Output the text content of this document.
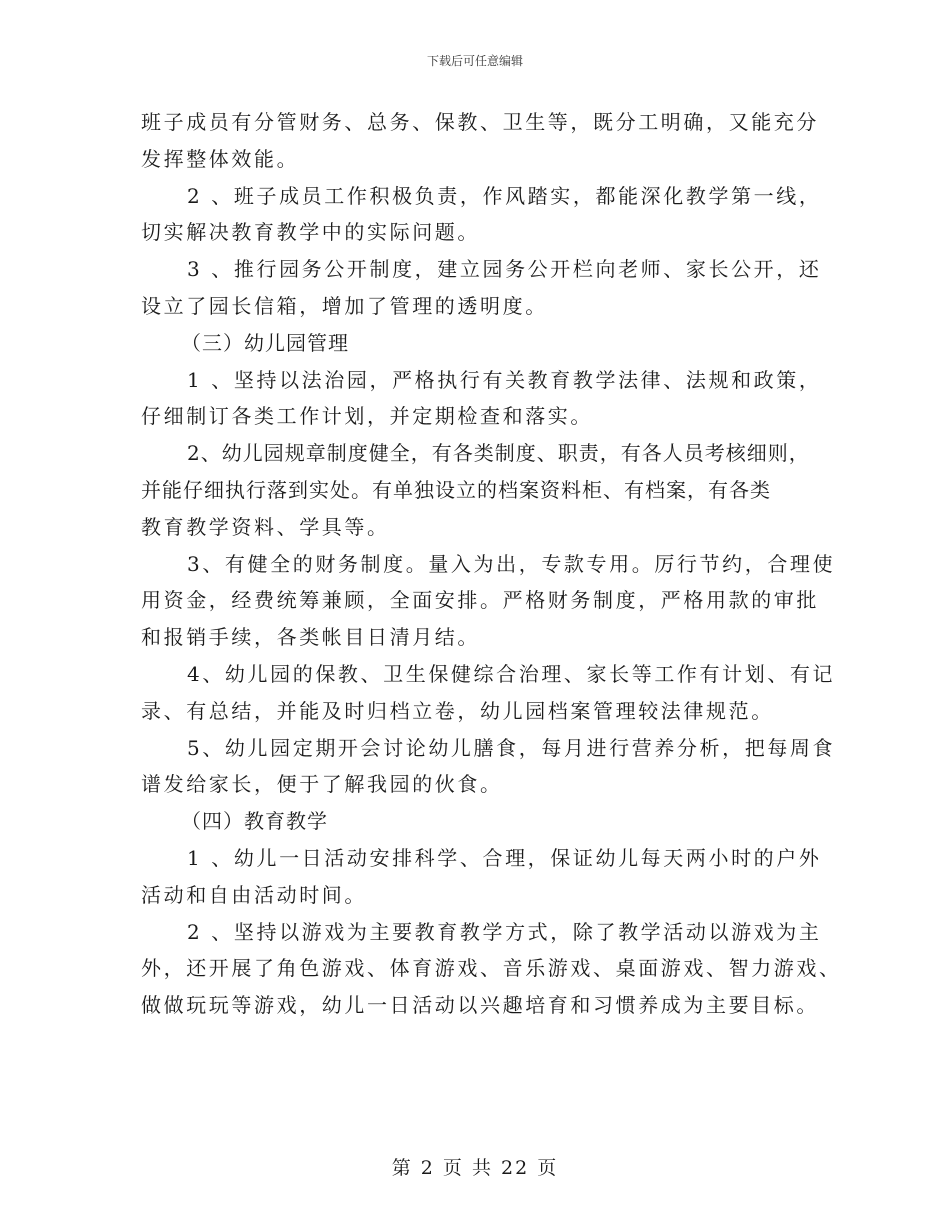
下载后可任意编辑
班子成员有分管财务、总务、保教、卫生等，既分工明确，又能充分
发挥整体效能。
2 、班子成员工作积极负责，作风踏实，都能深化教学第一线，
切实解决教育教学中的实际问题。
3 、推行园务公开制度，建立园务公开栏向老师、家长公开，还
设立了园长信箱，增加了管理的透明度。
（三）幼儿园管理
1 、坚持以法治园，严格执行有关教育教学法律、法规和政策，
仔细制订各类工作计划，并定期检查和落实。
2、幼儿园规章制度健全，有各类制度、职责，有各人员考核细则，
并能仔细执行落到实处。有单独设立的档案资料柜、有档案，有各类
教育教学资料、学具等。
3、有健全的财务制度。量入为出，专款专用。厉行节约，合理使
用资金，经费统筹兼顾，全面安排。严格财务制度，严格用款的审批
和报销手续，各类帐目日清月结。
4、幼儿园的保教、卫生保健综合治理、家长等工作有计划、有记
录、有总结，并能及时归档立卷，幼儿园档案管理较法律规范。
5、幼儿园定期开会讨论幼儿膳食，每月进行营养分析，把每周食
谱发给家长，便于了解我园的伙食。
（四）教育教学
1 、幼儿一日活动安排科学、合理，保证幼儿每天两小时的户外
活动和自由活动时间。
2 、坚持以游戏为主要教育教学方式，除了教学活动以游戏为主
外，还开展了角色游戏、体育游戏、音乐游戏、桌面游戏、智力游戏、
做做玩玩等游戏，幼儿一日活动以兴趣培育和习惯养成为主要目标。
第 2 页 共 22 页
